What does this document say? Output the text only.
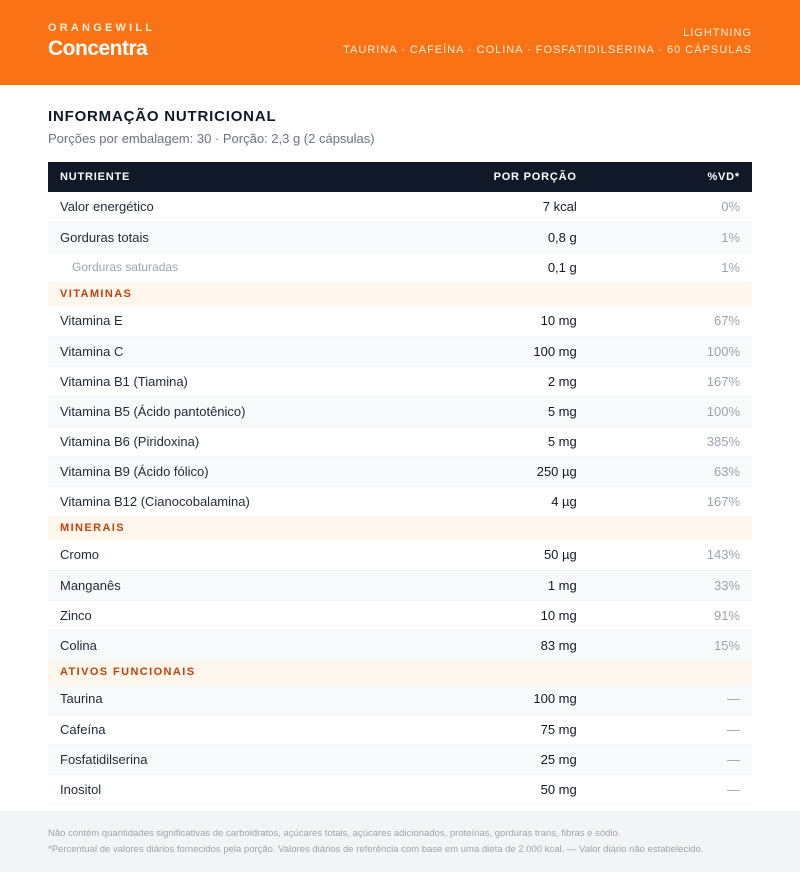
ORANGEWILL
Concentra
LIGHTNING
TAURINA · CAFEÍNA · COLINA · FOSFATIDILSERINA · 60 CÁPSULAS
INFORMAÇÃO NUTRICIONAL
Porções por embalagem: 30 · Porção: 2,3 g (2 cápsulas)
NUTRIENTE	POR PORÇÃO	%VD*
Valor energético	7 kcal	0%
Gorduras totais	0,8 g	1%
Gorduras saturadas	0,1 g	1%
VITAMINAS		
Vitamina E	10 mg	67%
Vitamina C	100 mg	100%
Vitamina B1 (Tiamina)	2 mg	167%
Vitamina B5 (Ácido pantotênico)	5 mg	100%
Vitamina B6 (Piridoxina)	5 mg	385%
Vitamina B9 (Ácido fólico)	250 µg	63%
Vitamina B12 (Cianocobalamina)	4 µg	167%
MINERAIS		
Cromo	50 µg	143%
Manganês	1 mg	33%
Zinco	10 mg	91%
Colina	83 mg	15%
ATIVOS FUNCIONAIS		
Taurina	100 mg	—
Cafeína	75 mg	—
Fosfatidilserina	25 mg	—
Inositol	50 mg	—
Não contém quantidades significativas de carboidratos, açúcares totais, açúcares adicionados, proteínas, gorduras trans, fibras e sódio.
*Percentual de valores diários fornecidos pela porção. Valores diários de referência com base em uma dieta de 2.000 kcal. — Valor diário não estabelecido.
